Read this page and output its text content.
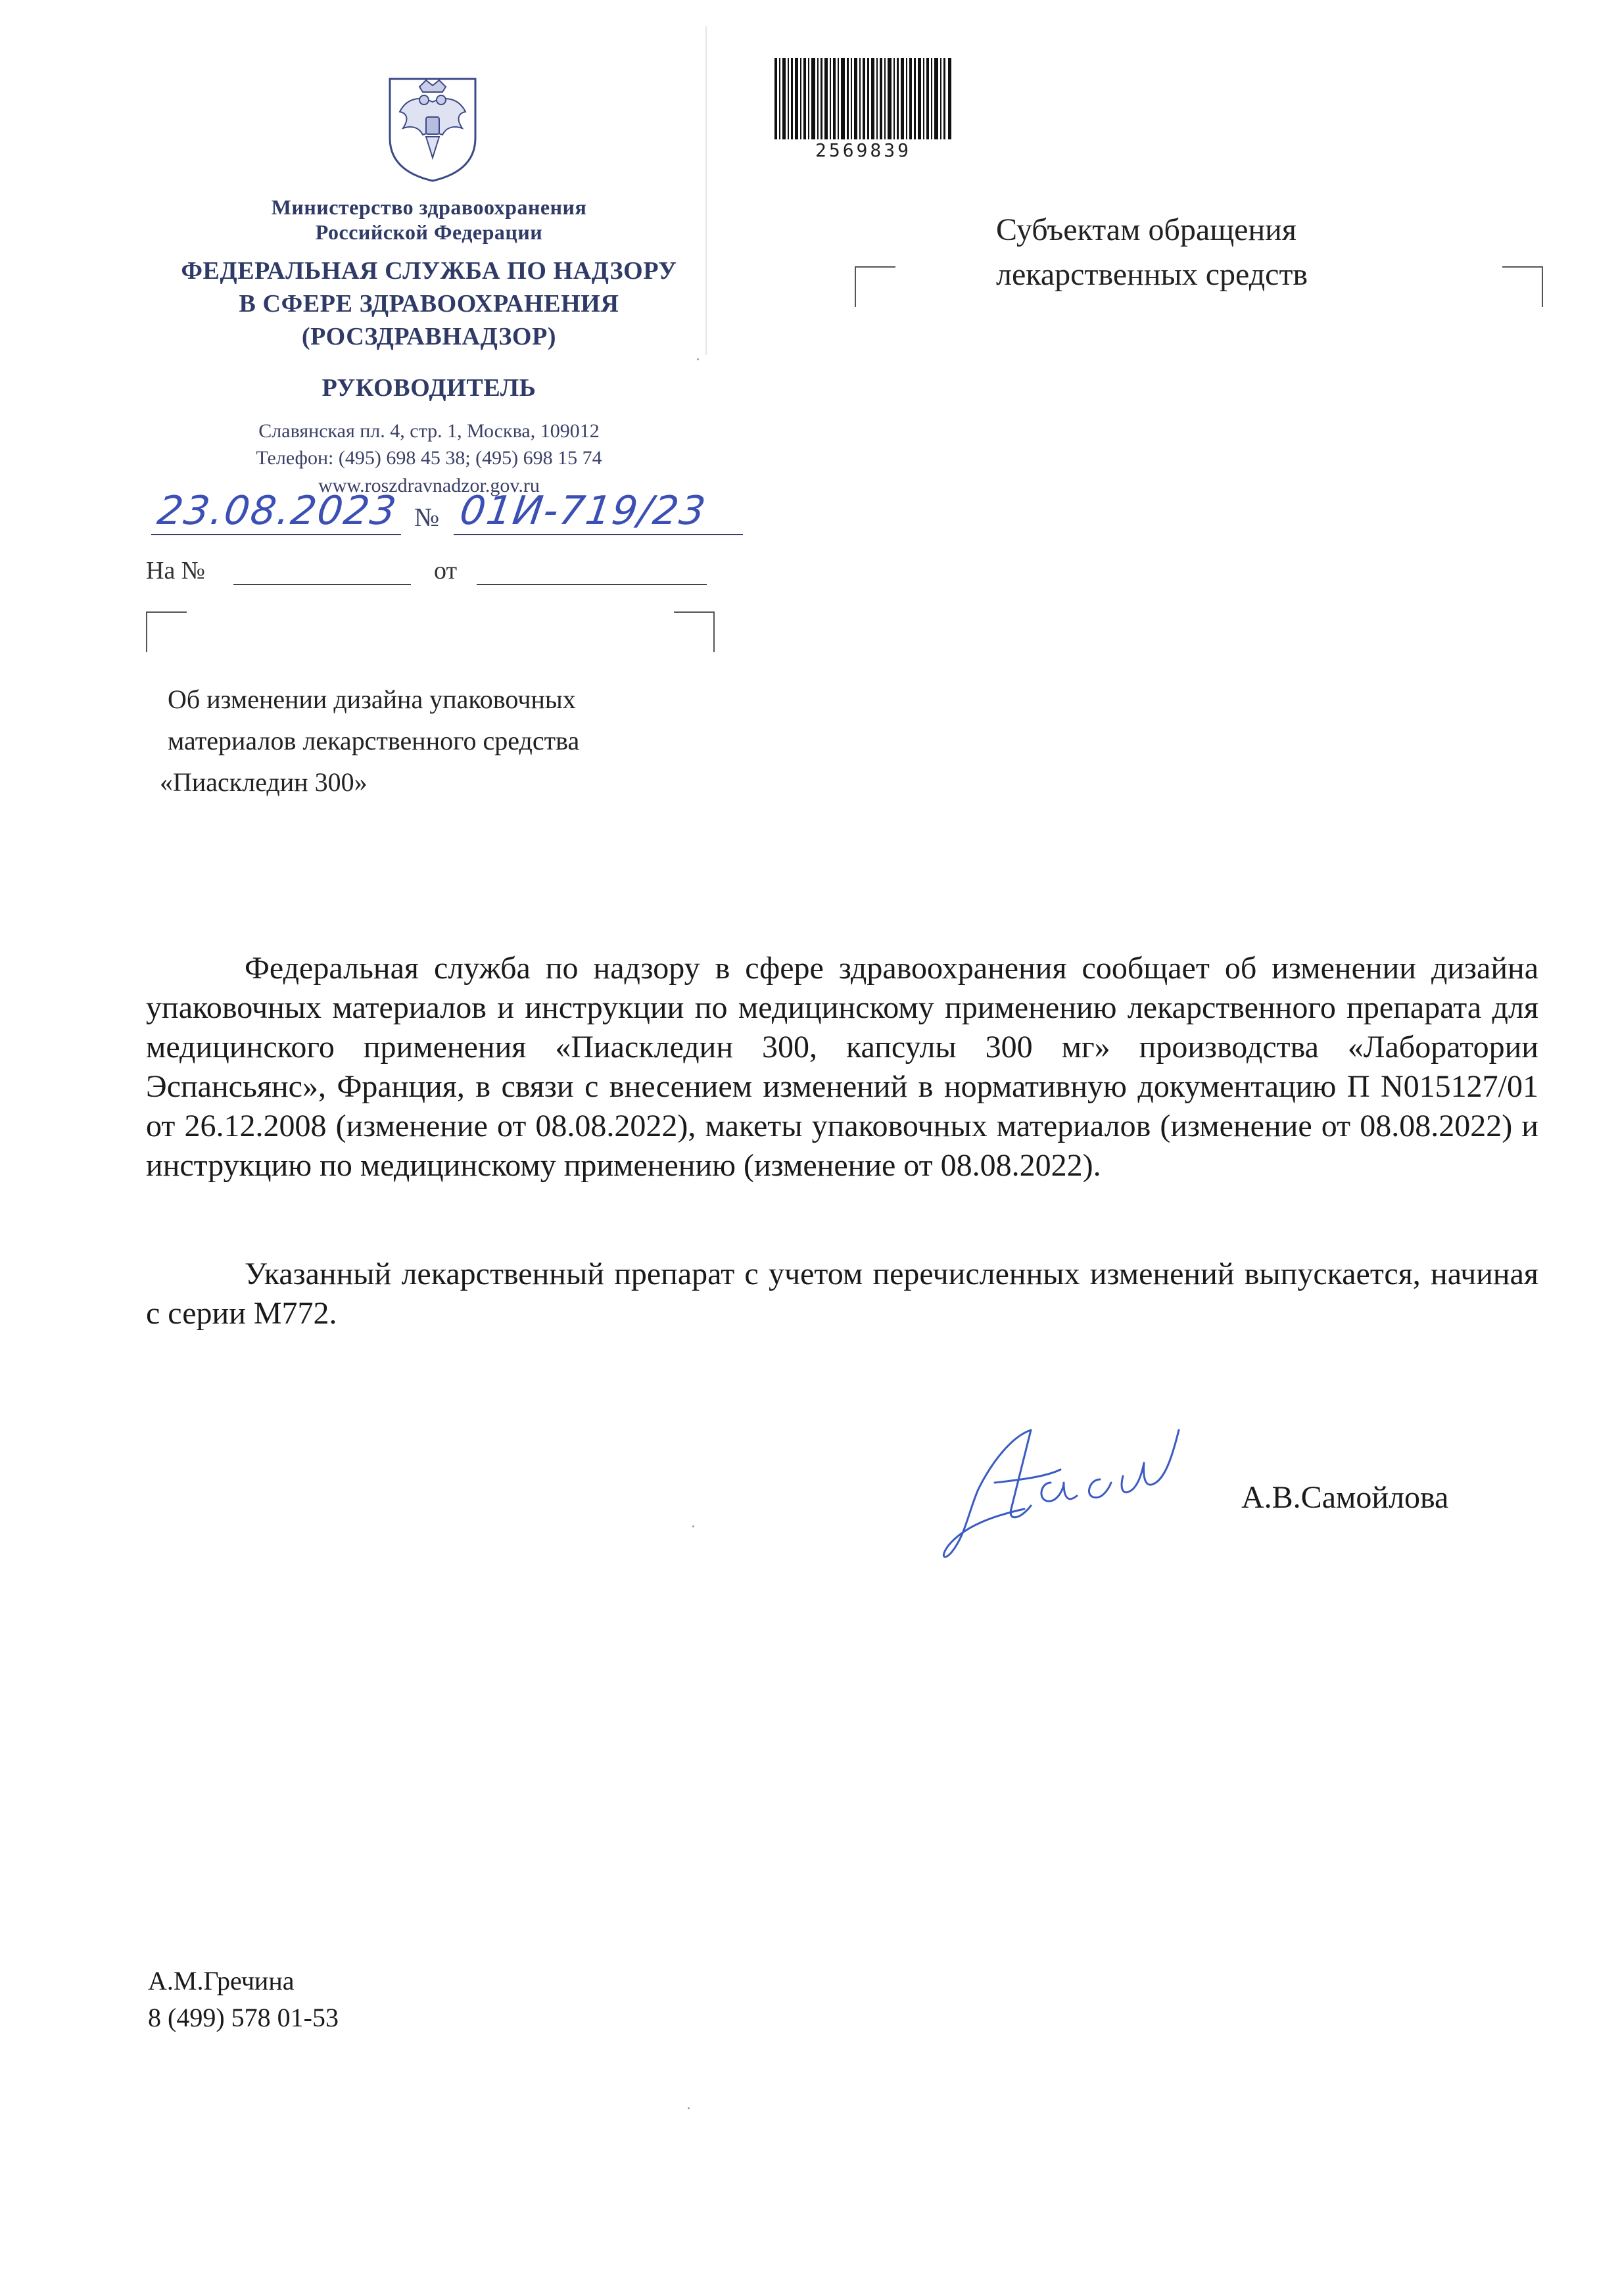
Министерство здравоохранения
Российской Федерации
ФЕДЕРАЛЬНАЯ СЛУЖБА ПО НАДЗОРУ
В СФЕРЕ ЗДРАВООХРАНЕНИЯ
(РОСЗДРАВНАДЗОР)
РУКОВОДИТЕЛЬ
Славянская пл. 4, стр. 1, Москва, 109012
Телефон: (495) 698 45 38; (495) 698 15 74
www.roszdravnadzor.gov.ru
23.08.2023 № 01И-719/23
На №	от
2569839
Субъектам обращения
лекарственных средств
Об изменении дизайна упаковочных
материалов лекарственного средства
«Пиаскледин 300»
Федеральная служба по надзору в сфере здравоохранения сообщает об изменении дизайна упаковочных материалов и инструкции по медицинскому применению лекарственного препарата для медицинского применения «Пиаскледин 300, капсулы 300 мг» производства «Лаборатории Эспансьянс», Франция, в связи с внесением изменений в нормативную документацию П N015127/01 от 26.12.2008 (изменение от 08.08.2022), макеты упаковочных материалов (изменение от 08.08.2022) и инструкцию по медицинскому применению (изменение от 08.08.2022).
Указанный лекарственный препарат с учетом перечисленных изменений выпускается, начиная с серии М772.
А.В.Самойлова
А.М.Гречина
8 (499) 578 01-53
